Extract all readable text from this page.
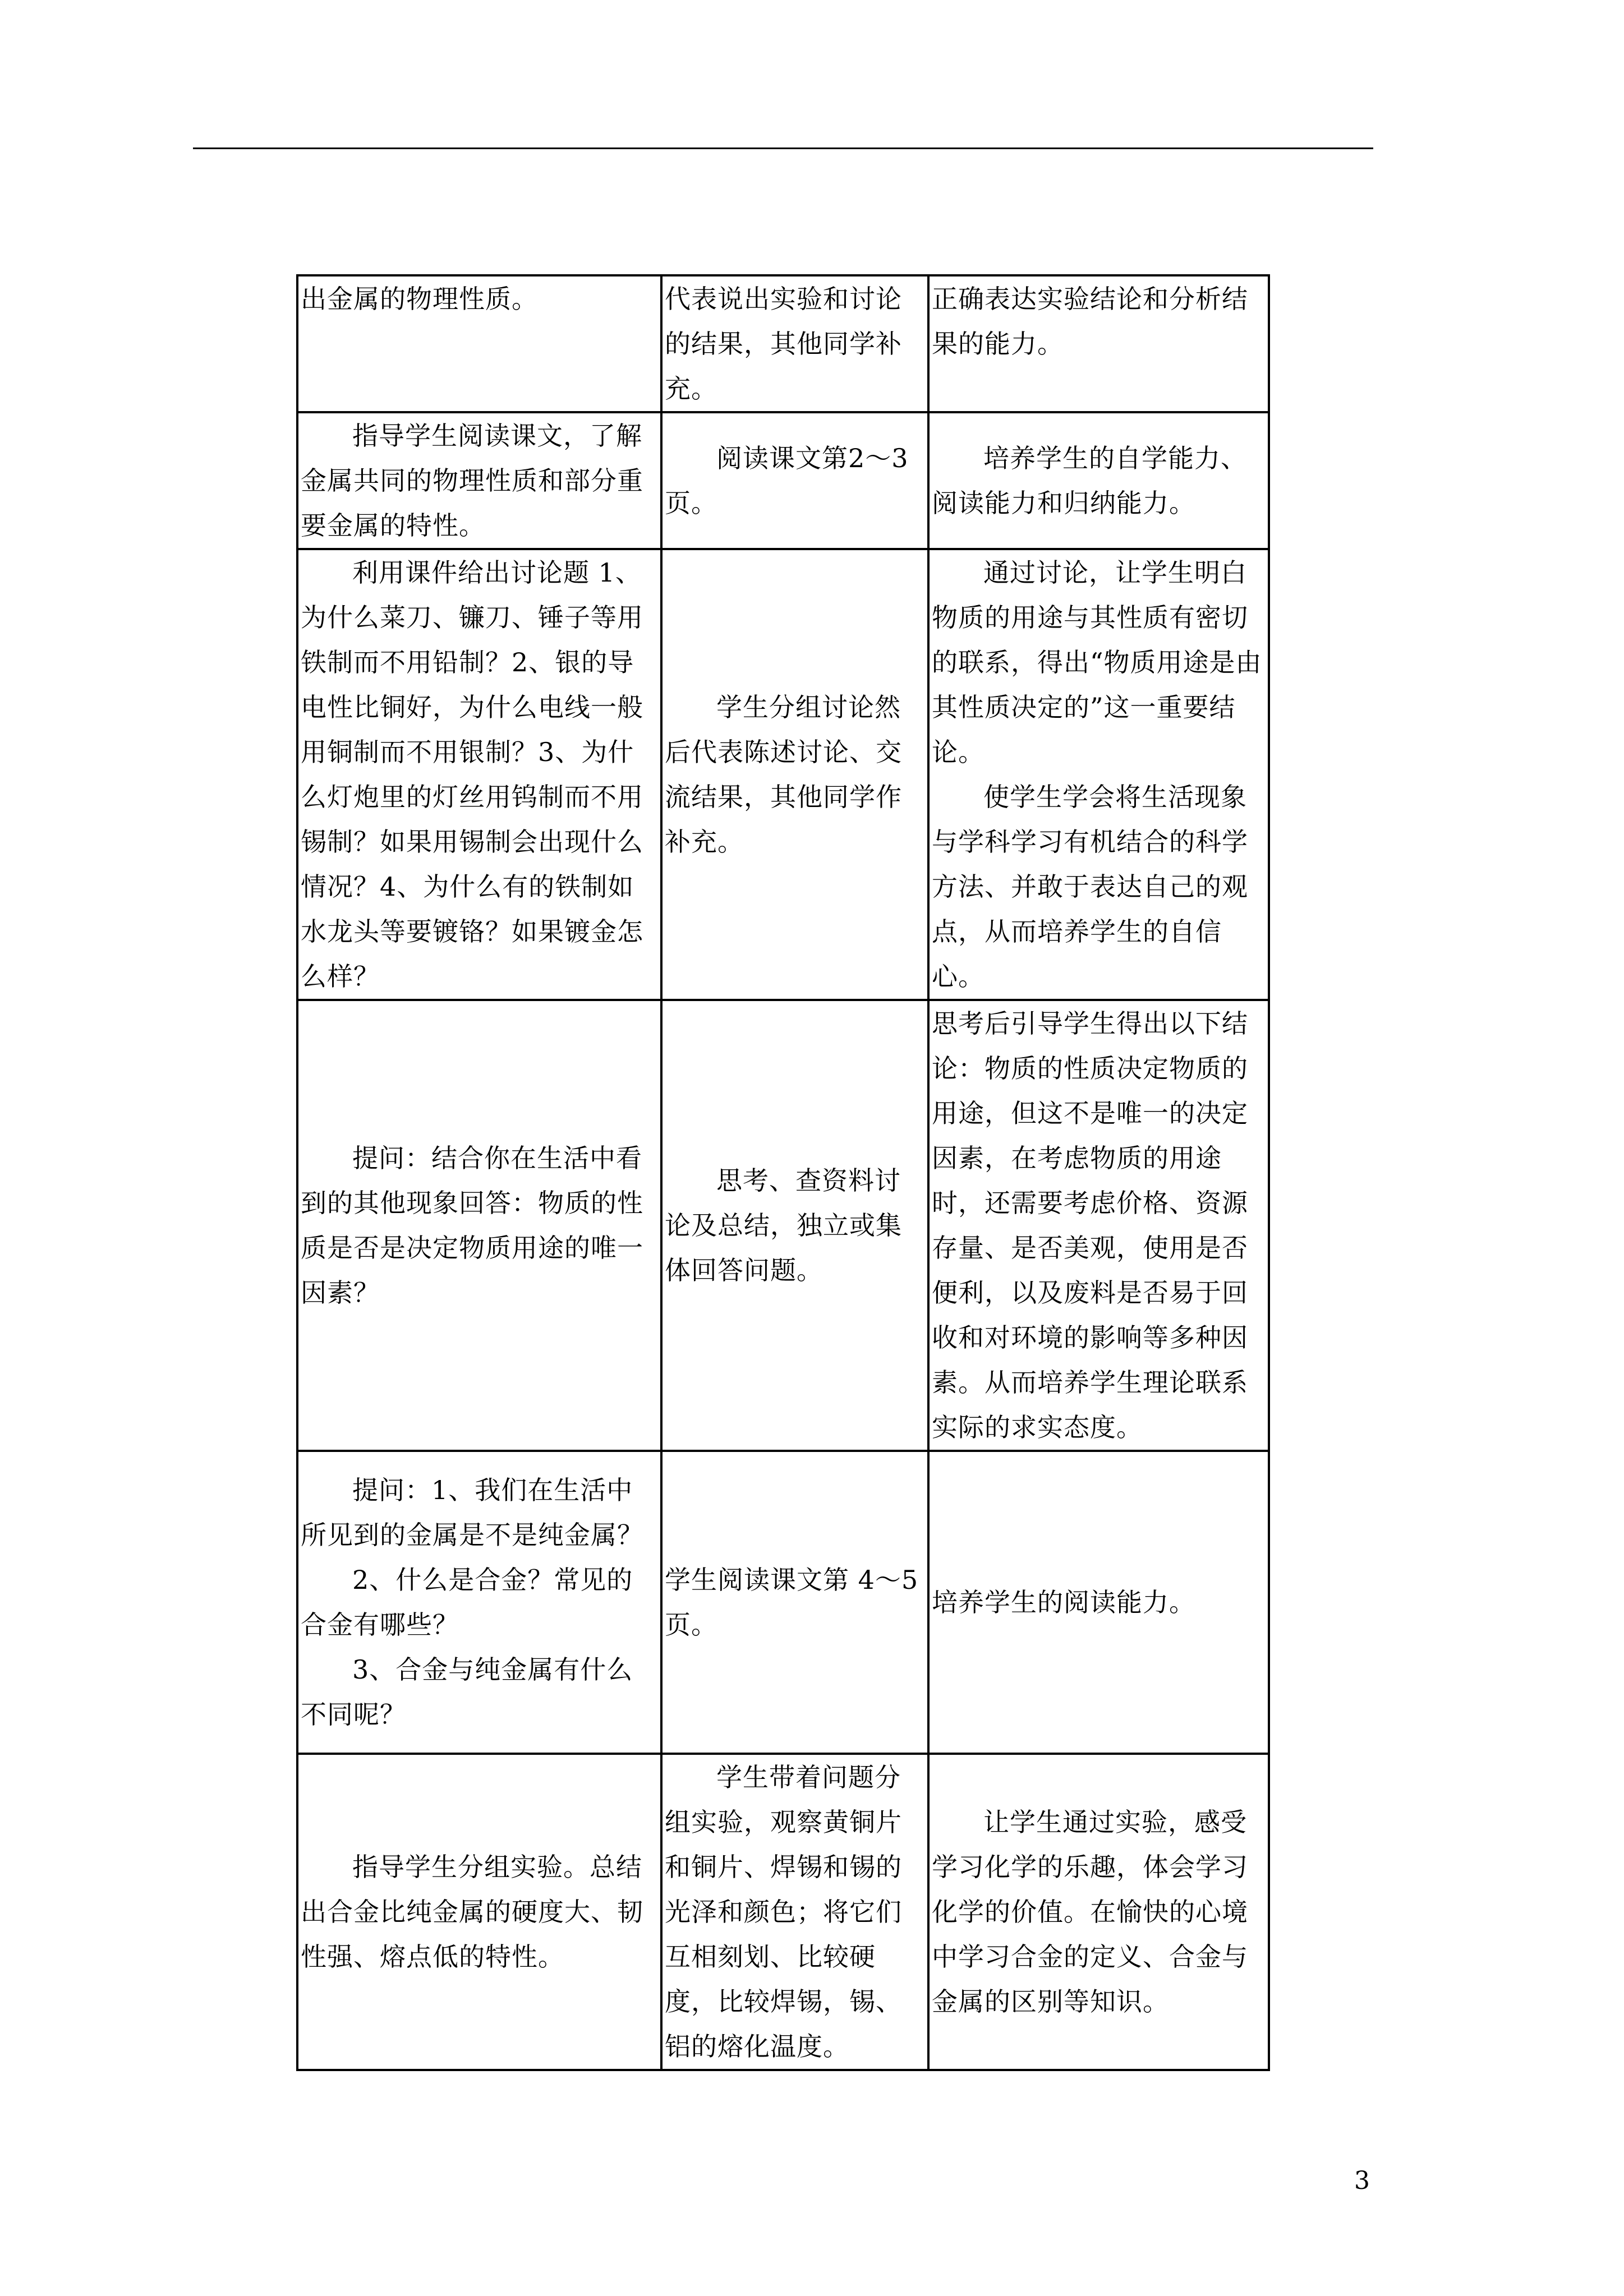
出金属的物理性质。	代表说出实验和讨论的结果，其他同学补充。	正确表达实验结论和分析结果的能力。

指导学生阅读课文，了解金属共同的物理性质和部分重要金属的特性。	阅读课文第2～3页。	培养学生的自学能力、阅读能力和归纳能力。

利用课件给出讨论题 1、为什么菜刀、镰刀、锤子等用铁制而不用铅制？2、银的导电性比铜好，为什么电线一般用铜制而不用银制？3、为什么灯炮里的灯丝用钨制而不用锡制？如果用锡制会出现什么情况？4、为什么有的铁制如水龙头等要镀铬？如果镀金怎么样？	学生分组讨论然后代表陈述讨论、交流结果，其他同学作补充。	通过讨论，让学生明白物质的用途与其性质有密切的联系，得出“物质用途是由其性质决定的”这一重要结论。
使学生学会将生活现象与学科学习有机结合的科学方法、并敢于表达自己的观点，从而培养学生的自信心。

提问：结合你在生活中看到的其他现象回答：物质的性质是否是决定物质用途的唯一因素？	思考、查资料讨论及总结，独立或集体回答问题。	思考后引导学生得出以下结论：物质的性质决定物质的用途，但这不是唯一的决定因素，在考虑物质的用途时，还需要考虑价格、资源存量、是否美观，使用是否便利，以及废料是否易于回收和对环境的影响等多种因素。从而培养学生理论联系实际的求实态度。

提问：1、我们在生活中所见到的金属是不是纯金属？
2、什么是合金？常见的合金有哪些？
3、合金与纯金属有什么不同呢？	学生阅读课文第 4～5页。	培养学生的阅读能力。

指导学生分组实验。总结出合金比纯金属的硬度大、韧性强、熔点低的特性。	学生带着问题分组实验，观察黄铜片和铜片、焊锡和锡的光泽和颜色；将它们互相刻划、比较硬度，比较焊锡，锡、铝的熔化温度。	让学生通过实验，感受学习化学的乐趣，体会学习化学的价值。在愉快的心境中学习合金的定义、合金与金属的区别等知识。
3
